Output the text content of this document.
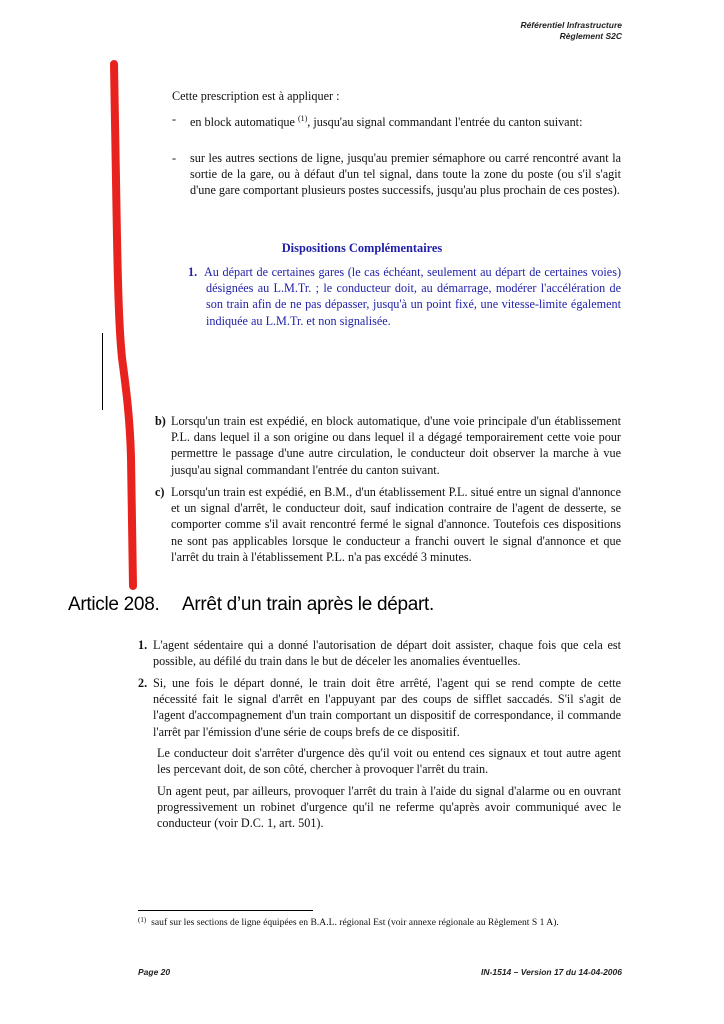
Référentiel Infrastructure
Règlement S2C
Cette prescription est à appliquer :
- en block automatique $^{(1)}$, jusqu'au signal commandant l'entrée du canton suivant:
- sur les autres sections de ligne, jusqu'au premier sémaphore ou carré rencontré avant la sortie de la gare, ou à défaut d'un tel signal, dans toute la zone du poste (ou s'il s'agit d'une gare comportant plusieurs postes successifs, jusqu'au plus prochain de ces postes).
Dispositions Complémentaires
1. Au départ de certaines gares (le cas échéant, seulement au départ de certaines voies) désignées au L.M.Tr. ; le conducteur doit, au démarrage, modérer l'accélération de son train afin de ne pas dépasser, jusqu'à un point fixé, une vitesse-limite également indiquée au L.M.Tr. et non signalisée.
b) Lorsqu'un train est expédié, en block automatique, d'une voie principale d'un établissement P.L. dans lequel il a son origine ou dans lequel il a dégagé temporairement cette voie pour permettre le passage d'une autre circulation, le conducteur doit observer la marche à vue jusqu'au signal commandant l'entrée du canton suivant.
c) Lorsqu'un train est expédié, en B.M., d'un établissement P.L. situé entre un signal d'annonce et un signal d'arrêt, le conducteur doit, sauf indication contraire de l'agent de desserte, se comporter comme s'il avait rencontré fermé le signal d'annonce. Toutefois ces dispositions ne sont pas applicables lorsque le conducteur a franchi ouvert le signal d'annonce et que l'arrêt du train à l'établissement P.L. n'a pas excédé 3 minutes.
Article 208. Arrêt d’un train après le départ.
1. L'agent sédentaire qui a donné l'autorisation de départ doit assister, chaque fois que cela est possible, au défilé du train dans le but de déceler les anomalies éventuelles.
2. Si, une fois le départ donné, le train doit être arrêté, l'agent qui se rend compte de cette nécessité fait le signal d'arrêt en l'appuyant par des coups de sifflet saccadés. S'il s'agit de l'agent d'accompagnement d'un train comportant un dispositif de correspondance, il commande l'arrêt par l'émission d'une série de coups brefs de ce dispositif.
Le conducteur doit s'arrêter d'urgence dès qu'il voit ou entend ces signaux et tout autre agent les percevant doit, de son côté, chercher à provoquer l'arrêt du train.
Un agent peut, par ailleurs, provoquer l'arrêt du train à l'aide du signal d'alarme ou en ouvrant progressivement un robinet d'urgence qu'il ne referme qu'après avoir communiqué avec le conducteur (voir D.C. 1, art. 501).
$^{(1)}$ sauf sur les sections de ligne équipées en B.A.L. régional Est (voir annexe régionale au Règlement S 1 A).
Page 20	IN-1514 – Version 17 du 14-04-2006
